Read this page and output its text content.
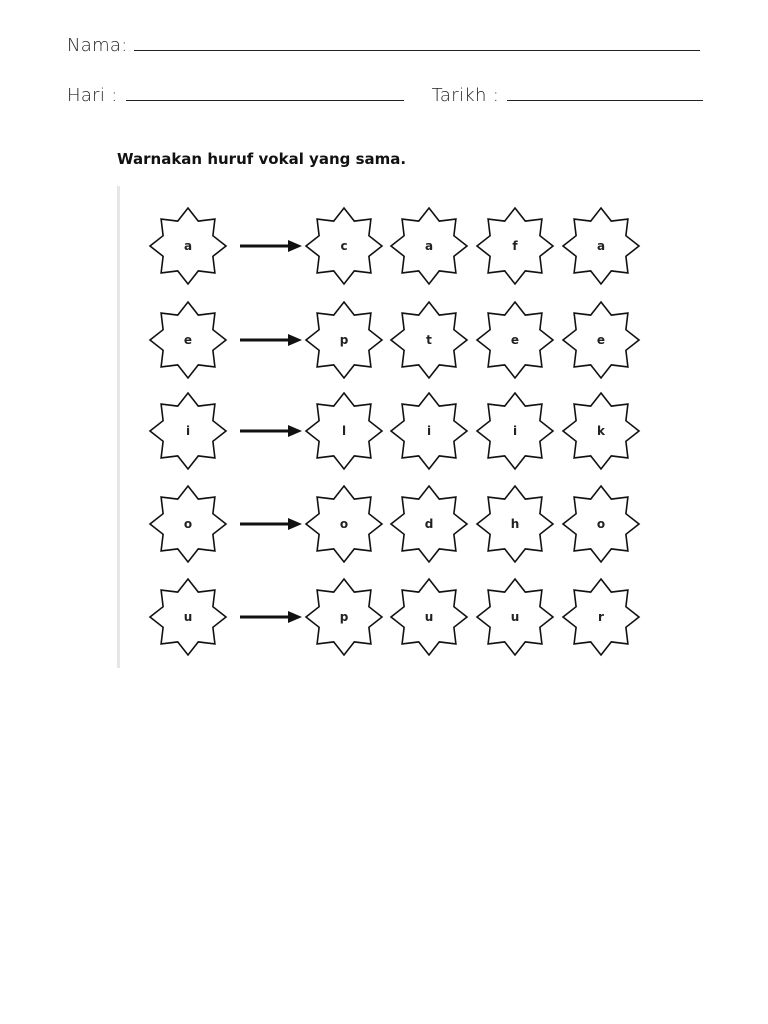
Nama:
Hari :	Tarikh :
Warnakan huruf vokal yang sama.
a	c	a	f	a
e	p	t	e	e
i	l	i	i	k
o	o	d	h	o
u	p	u	u	r
